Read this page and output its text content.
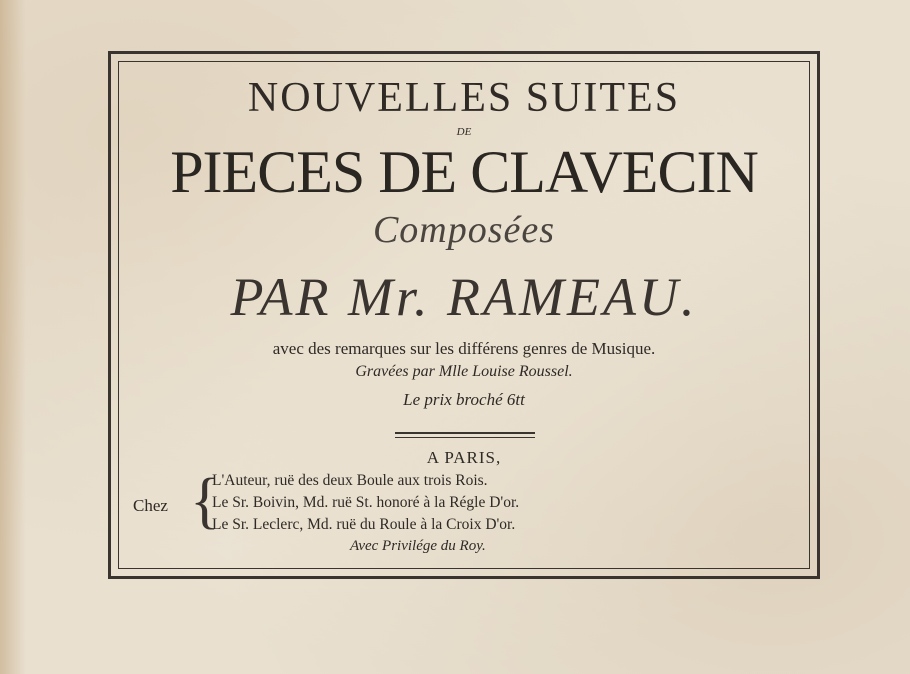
NOUVELLES SUITES
DE
PIECES DE CLAVECIN
Composées
PAR Mr. RAMEAU.
avec des remarques sur les différens genres de Musique.
Gravées par Mlle Louise Roussel.
Le prix broché 6tt
A PARIS,
Chez {
L'Auteur, ruë des deux Boule aux trois Rois.
Le Sr. Boivin, Md. ruë St. honoré à la Régle D'or.
Le Sr. Leclerc, Md. ruë du Roule à la Croix D'or.
Avec Privilége du Roy.
